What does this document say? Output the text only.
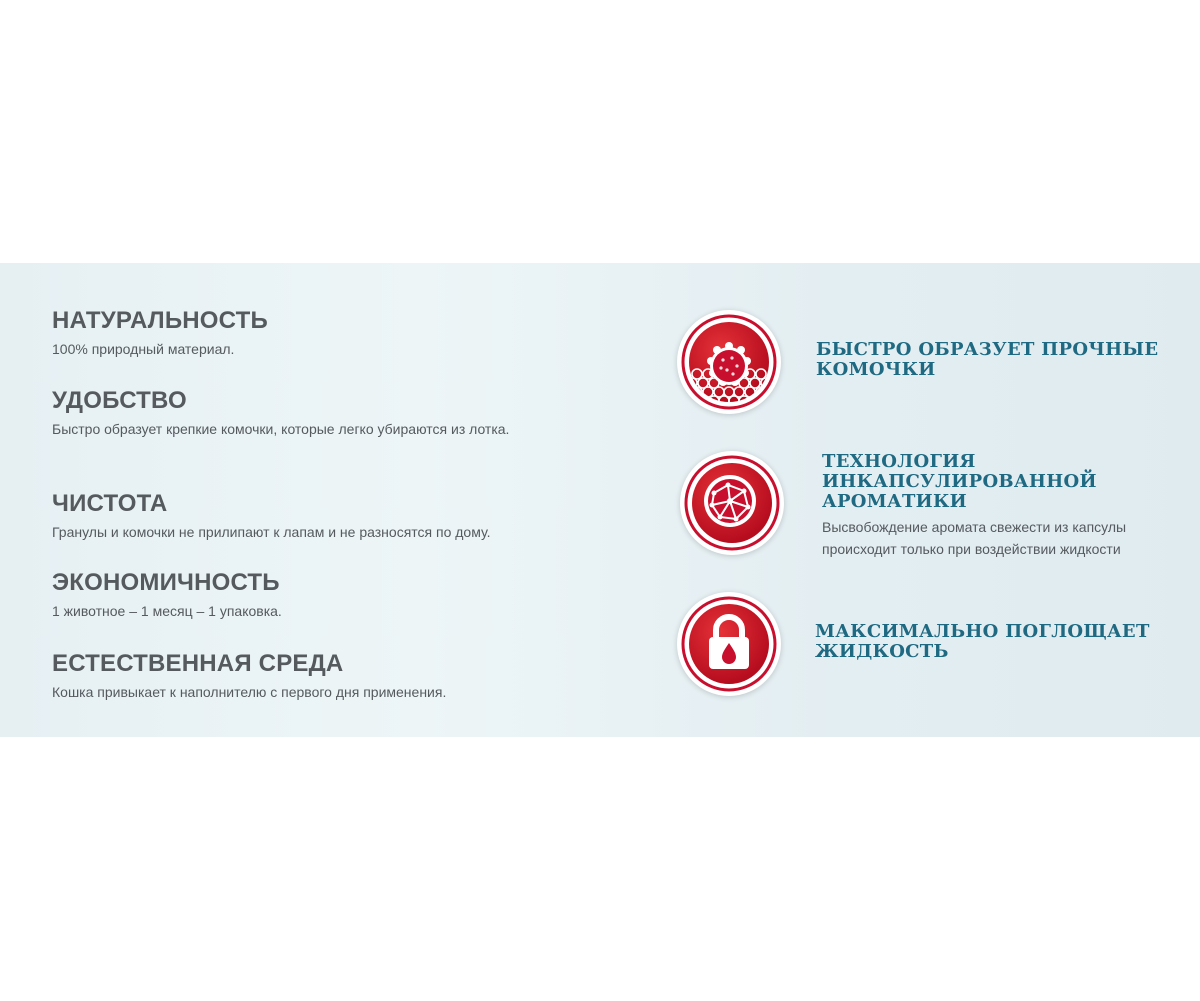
НАТУРАЛЬНОСТЬ

100% природный материал.

УДОБСТВО

Быстро образует крепкие комочки, которые легко убираются из лотка.

ЧИСТОТА

Гранулы и комочки не прилипают к лапам и не разносятся по дому.

ЭКОНОМИЧНОСТЬ

1 животное – 1 месяц – 1 упаковка.

ЕСТЕСТВЕННАЯ СРЕДА

Кошка привыкает к наполнителю с первого дня применения.

БЫСТРО ОБРАЗУЕТ ПРОЧНЫЕ
КОМОЧКИ
ТЕХНОЛОГИЯ
ИНКАПСУЛИРОВАННОЙ
АРОМАТИКИ
Высвобождение аромата свежести из капсулы
происходит только при воздействии жидкости
МАКСИМАЛЬНО ПОГЛОЩАЕТ
ЖИДКОСТЬ
